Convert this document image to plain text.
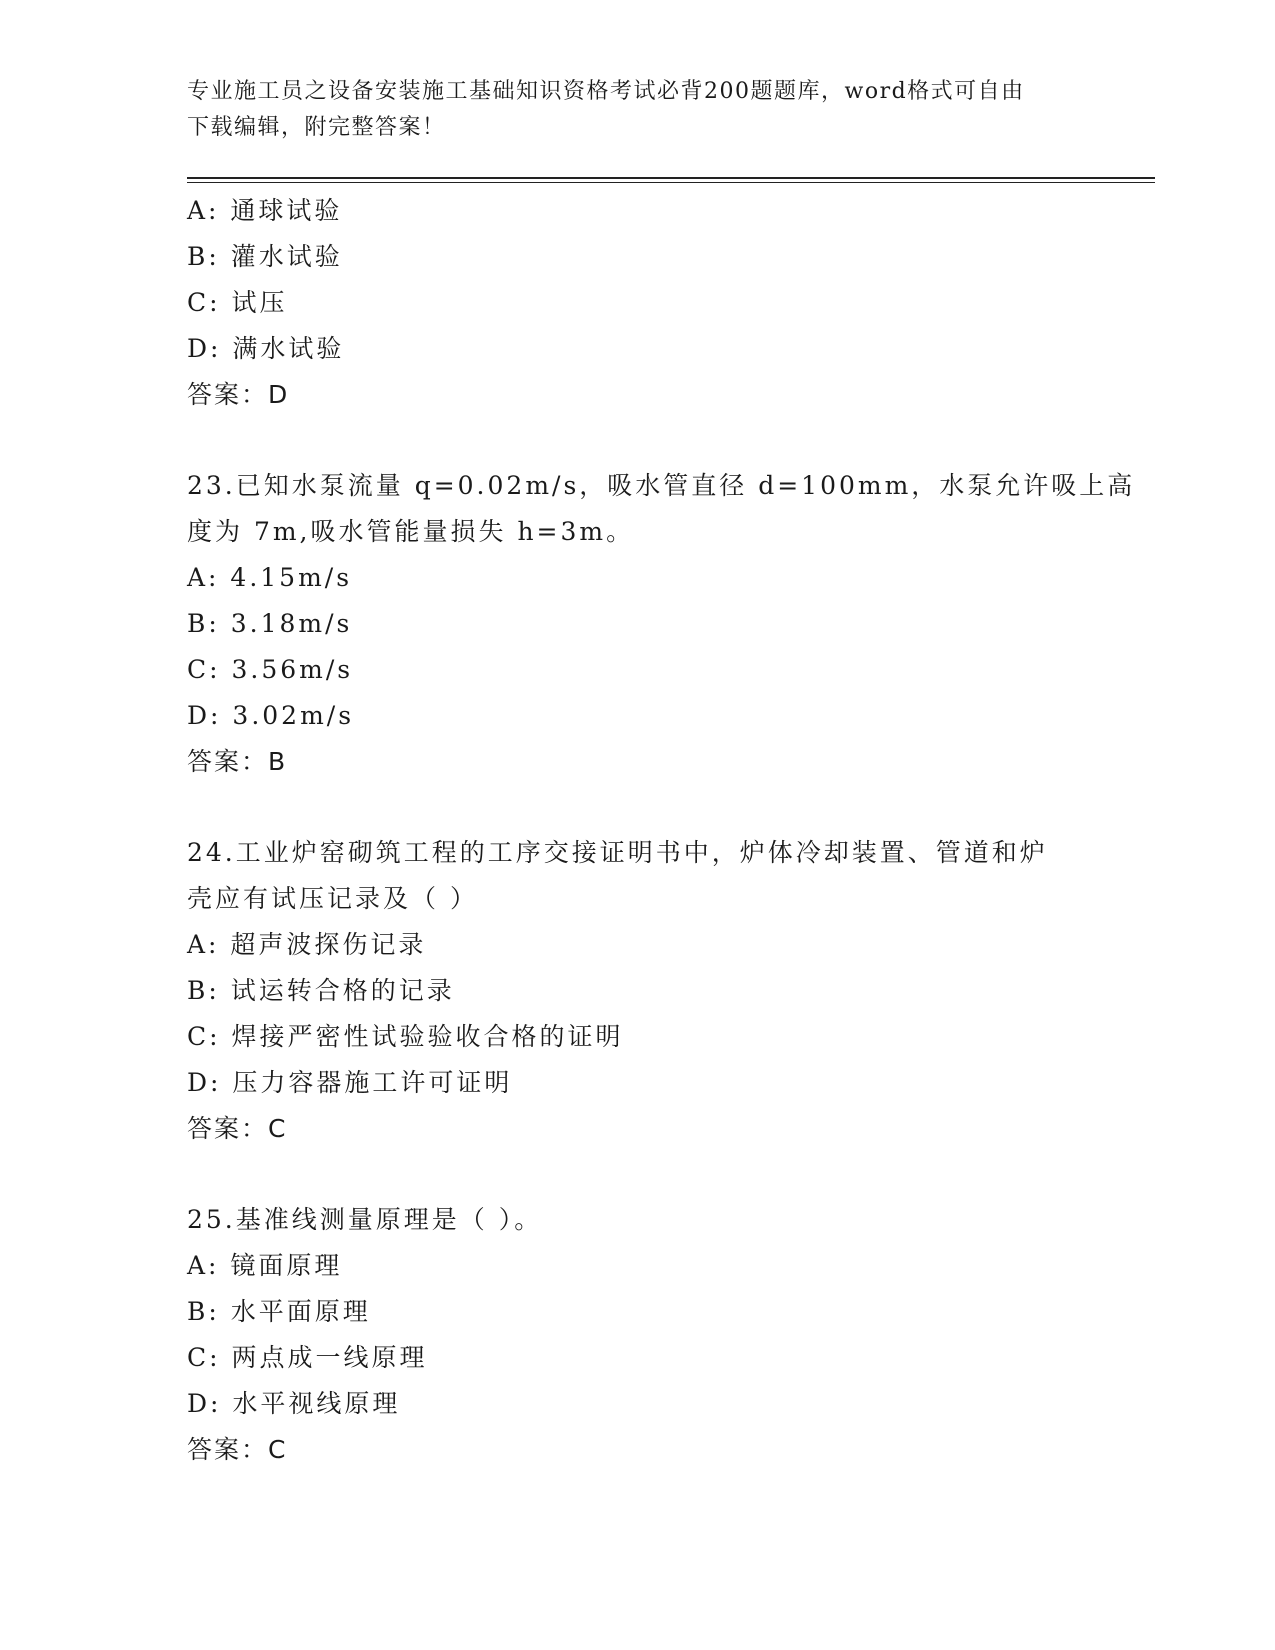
专业施工员之设备安装施工基础知识资格考试必背200题题库，word格式可自由
下载编辑，附完整答案！
A: 通球试验
B: 灌水试验
C: 试压
D: 满水试验
答案：D
23.已知水泵流量 q=0.02m/s，吸水管直径 d=100mm，水泵允许吸上高
度为 7m,吸水管能量损失 h=3m。
A: 4.15m/s
B: 3.18m/s
C: 3.56m/s
D: 3.02m/s
答案：B
24.工业炉窑砌筑工程的工序交接证明书中，炉体冷却装置、管道和炉
壳应有试压记录及（ ）
A: 超声波探伤记录
B: 试运转合格的记录
C: 焊接严密性试验验收合格的证明
D: 压力容器施工许可证明
答案：C
25.基准线测量原理是（ ）。
A: 镜面原理
B: 水平面原理
C: 两点成一线原理
D: 水平视线原理
答案：C
